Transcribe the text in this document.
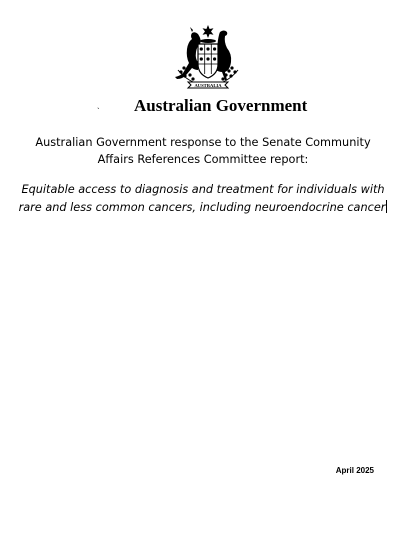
AUSTRALIA
`	Australian Government
Australian Government response to the Senate Community Affairs References Committee report:
Equitable access to diagnosis and treatment for individuals with rare and less common cancers, including neuroendocrine cancer
April 2025
